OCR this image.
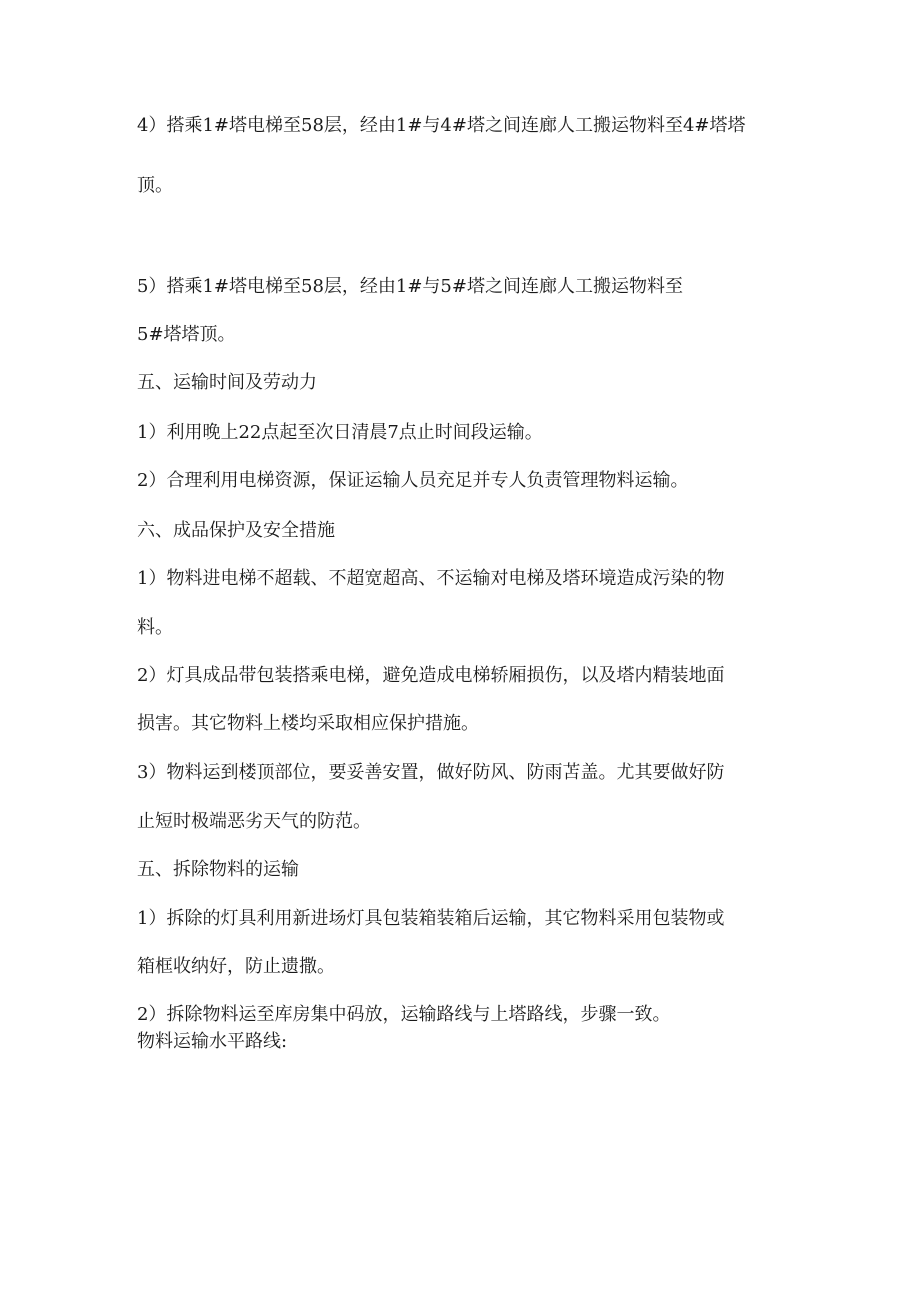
4）搭乘1#塔电梯至58层，经由1#与4#塔之间连廊人工搬运物料至4#塔塔
顶。
5）搭乘1#塔电梯至58层，经由1#与5#塔之间连廊人工搬运物料至
5#塔塔顶。
五、运输时间及劳动力
1）利用晚上22点起至次日清晨7点止时间段运输。
2）合理利用电梯资源，保证运输人员充足并专人负责管理物料运输。
六、成品保护及安全措施
1）物料进电梯不超载、不超宽超高、不运输对电梯及塔环境造成污染的物
料。
2）灯具成品带包装搭乘电梯，避免造成电梯轿厢损伤，以及塔内精装地面
损害。其它物料上楼均采取相应保护措施。
3）物料运到楼顶部位，要妥善安置，做好防风、防雨苫盖。尤其要做好防
止短时极端恶劣天气的防范。
五、拆除物料的运输
1）拆除的灯具利用新进场灯具包装箱装箱后运输，其它物料采用包装物或
箱框收纳好，防止遗撒。
2）拆除物料运至库房集中码放，运输路线与上塔路线，步骤一致。
物料运输水平路线:
